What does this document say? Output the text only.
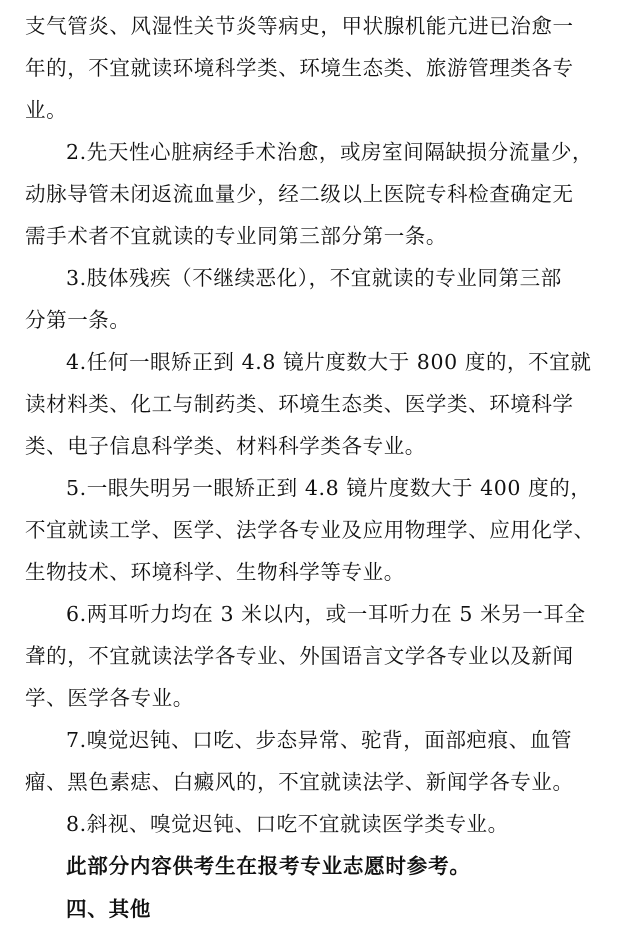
支气管炎、风湿性关节炎等病史，甲状腺机能亢进已治愈一
年的，不宜就读环境科学类、环境生态类、旅游管理类各专
业。
2.先天性心脏病经手术治愈，或房室间隔缺损分流量少，
动脉导管未闭返流血量少，经二级以上医院专科检查确定无
需手术者不宜就读的专业同第三部分第一条。
3.肢体残疾（不继续恶化），不宜就读的专业同第三部
分第一条。
4.任何一眼矫正到 4.8 镜片度数大于 800 度的，不宜就
读材料类、化工与制药类、环境生态类、医学类、环境科学
类、电子信息科学类、材料科学类各专业。
5.一眼失明另一眼矫正到 4.8 镜片度数大于 400 度的，
不宜就读工学、医学、法学各专业及应用物理学、应用化学、
生物技术、环境科学、生物科学等专业。
6.两耳听力均在 3 米以内，或一耳听力在 5 米另一耳全
聋的，不宜就读法学各专业、外国语言文学各专业以及新闻
学、医学各专业。
7.嗅觉迟钝、口吃、步态异常、驼背，面部疤痕、血管
瘤、黑色素痣、白癜风的，不宜就读法学、新闻学各专业。
8.斜视、嗅觉迟钝、口吃不宜就读医学类专业。
此部分内容供考生在报考专业志愿时参考。
四、其他
